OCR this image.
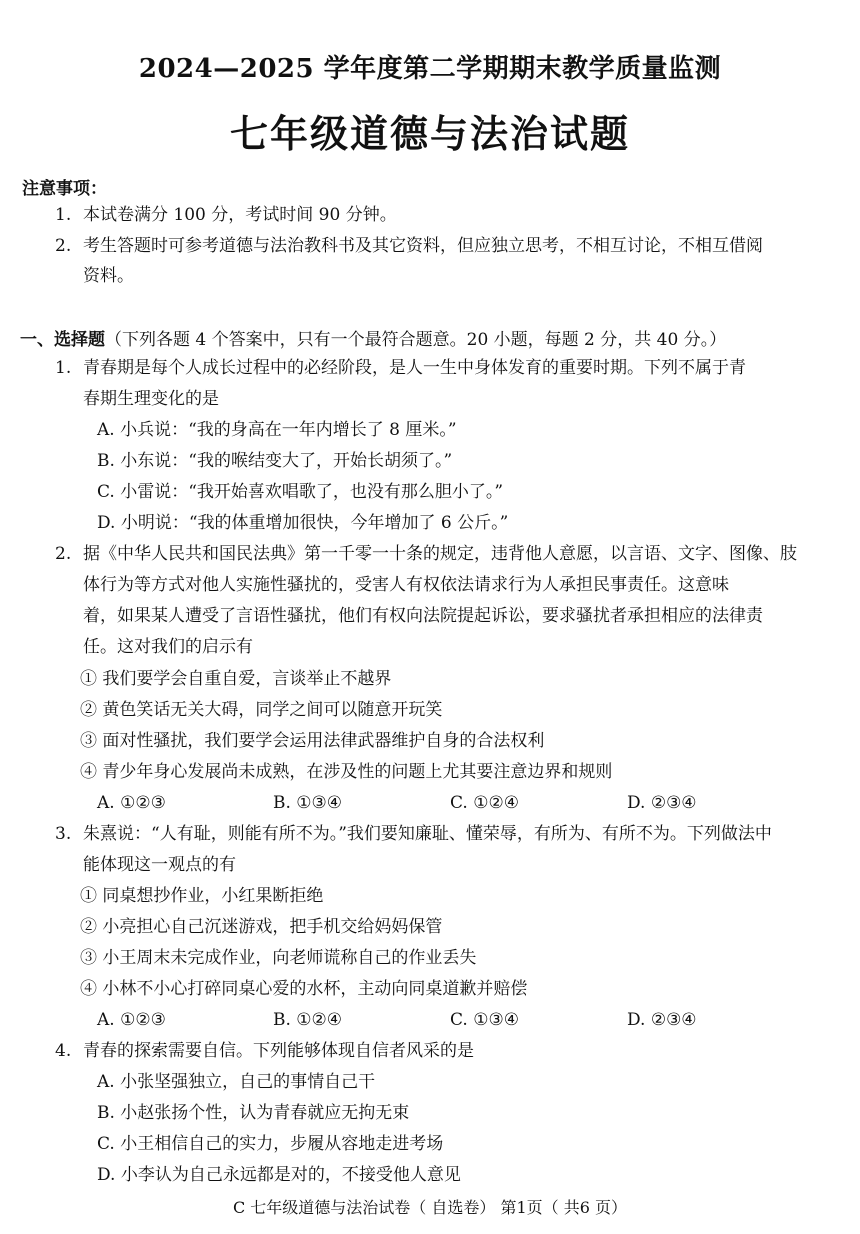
2024—2025 学年度第二学期期末教学质量监测
七年级道德与法治试题
注意事项：
1. 本试卷满分 100 分，考试时间 90 分钟。
2. 考生答题时可参考道德与法治教科书及其它资料，但应独立思考，不相互讨论，不相互借阅
资料。
一、选择题（下列各题 4 个答案中，只有一个最符合题意。20 小题，每题 2 分，共 40 分。）
1. 青春期是每个人成长过程中的必经阶段，是人一生中身体发育的重要时期。下列不属于青
春期生理变化的是
A. 小兵说：“我的身高在一年内增长了 8 厘米。”
B. 小东说：“我的喉结变大了，开始长胡须了。”
C. 小雷说：“我开始喜欢唱歌了，也没有那么胆小了。”
D. 小明说：“我的体重增加很快，今年增加了 6 公斤。”
2. 据《中华人民共和国民法典》第一千零一十条的规定，违背他人意愿，以言语、文字、图像、肢
体行为等方式对他人实施性骚扰的，受害人有权依法请求行为人承担民事责任。这意味
着，如果某人遭受了言语性骚扰，他们有权向法院提起诉讼，要求骚扰者承担相应的法律责
任。这对我们的启示有
① 我们要学会自重自爱，言谈举止不越界
② 黄色笑话无关大碍，同学之间可以随意开玩笑
③ 面对性骚扰，我们要学会运用法律武器维护自身的合法权利
④ 青少年身心发展尚未成熟，在涉及性的问题上尤其要注意边界和规则
A. ①②③	B. ①③④	C. ①②④	D. ②③④
3. 朱熹说：“人有耻，则能有所不为。”我们要知廉耻、懂荣辱，有所为、有所不为。下列做法中
能体现这一观点的有
① 同桌想抄作业，小红果断拒绝
② 小亮担心自己沉迷游戏，把手机交给妈妈保管
③ 小王周末未完成作业，向老师谎称自己的作业丢失
④ 小林不小心打碎同桌心爱的水杯，主动向同桌道歉并赔偿
A. ①②③	B. ①②④	C. ①③④	D. ②③④
4. 青春的探索需要自信。下列能够体现自信者风采的是
A. 小张坚强独立，自己的事情自己干
B. 小赵张扬个性，认为青春就应无拘无束
C. 小王相信自己的实力，步履从容地走进考场
D. 小李认为自己永远都是对的，不接受他人意见
C 七年级道德与法治试卷（ 自选卷） 第1页（ 共6 页）
